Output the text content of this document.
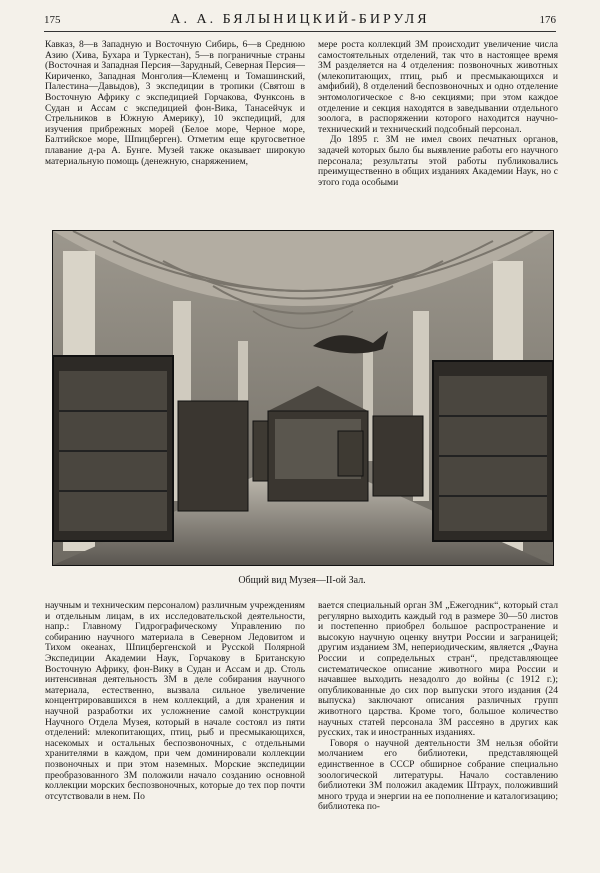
175	А. А. БЯЛЫНИЦКИЙ-БИРУЛЯ	176

Кавказ, 8—в Западную и Восточную Сибирь, 6—в Среднюю Азию (Хива, Бухара и Туркестан), 5—в пограничные страны (Восточная и Западная Персия—Зарудный, Северная Персия—Кириченко, Западная Монголия—Клеменц и Томашинский, Палестина—Давыдов), 3 экспедиции в тропики (Святош в Восточную Африку с экспедицией Горчакова, Функсонь в Судан и Ассам с экспедицией фон-Вика, Танасейчук и Стрельников в Южную Америку), 10 экспедиций, для изучения прибрежных морей (Белое море, Черное море, Балтийское море, Шпицберген). Отметим еще кругосветное плавание д-ра А. Бунге. Музей также оказывает широкую материальную помощь (денежную, снаряжением,

мере роста коллекций ЗМ происходит увеличение числа самостоятельных отделений, так что в настоящее время ЗМ разделяется на 4 отделения: позвоночных животных (млекопитающих, птиц, рыб и пресмыкающихся и амфибий), 8 отделений беспозвоночных и одно отделение энтомологическое с 8-ю секциями; при этом каждое отделение и секция находятся в заведывании отдельного зоолога, в распоряжении которого находится научно-технический и технический подсобный персонал.

До 1895 г. ЗМ не имел своих печатных органов, задачей которых было бы выявление работы его научного персонала; результаты этой работы публиковались преимущественно в общих изданиях Академии Наук, но с этого года особыми

Общий вид Музея—II-ой Зал.

научным и техническим персоналом) различным учреждениям и отдельным лицам, в их исследовательской деятельности, напр.: Главному Гидрографическому Управлению по собиранию научного материала в Северном Ледовитом и Тихом океанах, Шпицбергенской и Русской Полярной Экспедиции Академии Наук, Горчакову в Британскую Восточную Африку, фон-Вику в Судан и Ассам и др. Столь интенсивная деятельность ЗМ в деле собирания научного материала, естественно, вызвала сильное увеличение концентрировавшихся в нем коллекций, а для хранения и научной разработки их усложнение самой конструкции Научного Отдела Музея, который в начале состоял из пяти отделений: млекопитающих, птиц, рыб и пресмыкающихся, насекомых и остальных беспозвоночных, с отдельными хранителями в каждом, при чем доминировали коллекции позвоночных и при этом наземных. Морские экспедиции преобразованного ЗМ положили начало созданию основной коллекции морских беспозвоночных, которые до тех пор почти отсутствовали в нем. По

вается специальный орган ЗМ „Ежегодник“, который стал регулярно выходить каждый год в размере 30—50 листов и постепенно приобрел большое распространение и высокую научную оценку внутри России и заграницей; другим изданием ЗМ, непериодическим, является „Фауна России и сопредельных стран“, представляющее систематическое описание животного мира России и начавшее выходить незадолго до войны (с 1912 г.); опубликованные до сих пор выпуски этого издания (24 выпуска) заключают описания различных групп животного царства. Кроме того, большое количество научных статей персонала ЗМ рассеяно в других как русских, так и иностранных изданиях.

Говоря о научной деятельности ЗМ нельзя обойти молчанием его библиотеки, представляющей единственное в СССР обширное собрание специально зоологической литературы. Начало составлению библиотеки ЗМ положил академик Штраух, положивший много труда и энергии на ее пополнение и каталогизацию; библиотека по-
